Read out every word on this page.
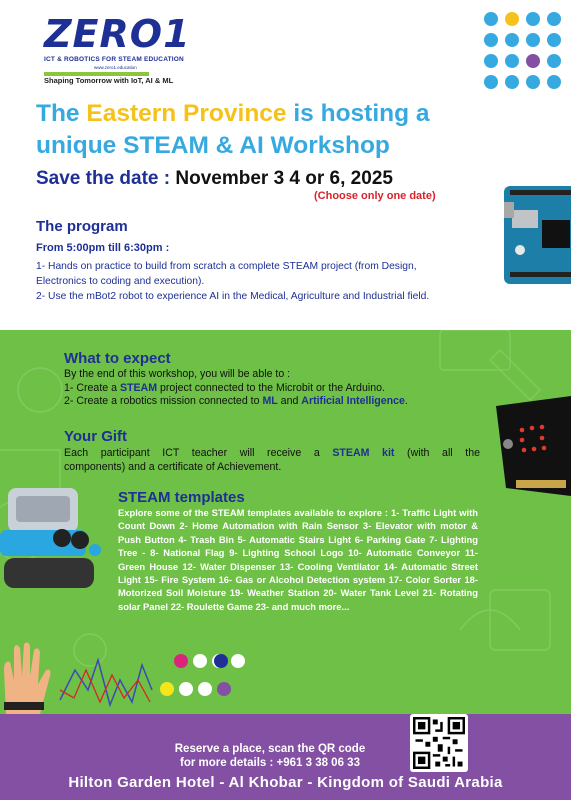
ZERO1
ICT & ROBOTICS FOR STEAM EDUCATION
www.zero1.education
Shaping Tomorrow with IoT, AI & ML
The Eastern Province is hosting a
unique STEAM & AI Workshop
Save the date : November 3 4 or 6, 2025
(Choose only one date)
The program
From 5:00pm till 6:30pm :
1- Hands on practice to build from scratch a complete STEAM project (from Design,
Electronics to coding and execution).
2- Use the mBot2 robot to experience AI in the Medical, Agriculture and Industrial field.
What to expect
By the end of this workshop, you will be able to :
1- Create a STEAM project connected to the Microbit or the Arduino.
2- Create a robotics mission connected to ML and Artificial Intelligence.
Your Gift
Each participant ICT teacher will receive a STEAM kit (with all the
components) and a certificate of Achievement.
STEAM templates
Explore some of the STEAM templates available to explore : 1- Traffic Light with Count Down 2- Home Automation with Rain Sensor 3- Elevator with motor & Push Button 4- Trash Bin 5- Automatic Stairs Light 6- Parking Gate 7- Lighting Tree - 8- National Flag 9- Lighting School Logo 10- Automatic Conveyor 11- Green House 12- Water Dispenser 13- Cooling Ventilator 14- Automatic Street Light 15- Fire System 16- Gas or Alcohol Detection system 17- Color Sorter 18- Motorized Soil Moisture 19- Weather Station 20- Water Tank Level 21- Rotating solar Panel 22- Roulette Game 23- and much more...
Reserve a place, scan the QR code
for more details : +961 3 38 06 33
Hilton Garden Hotel - Al Khobar - Kingdom of Saudi Arabia
